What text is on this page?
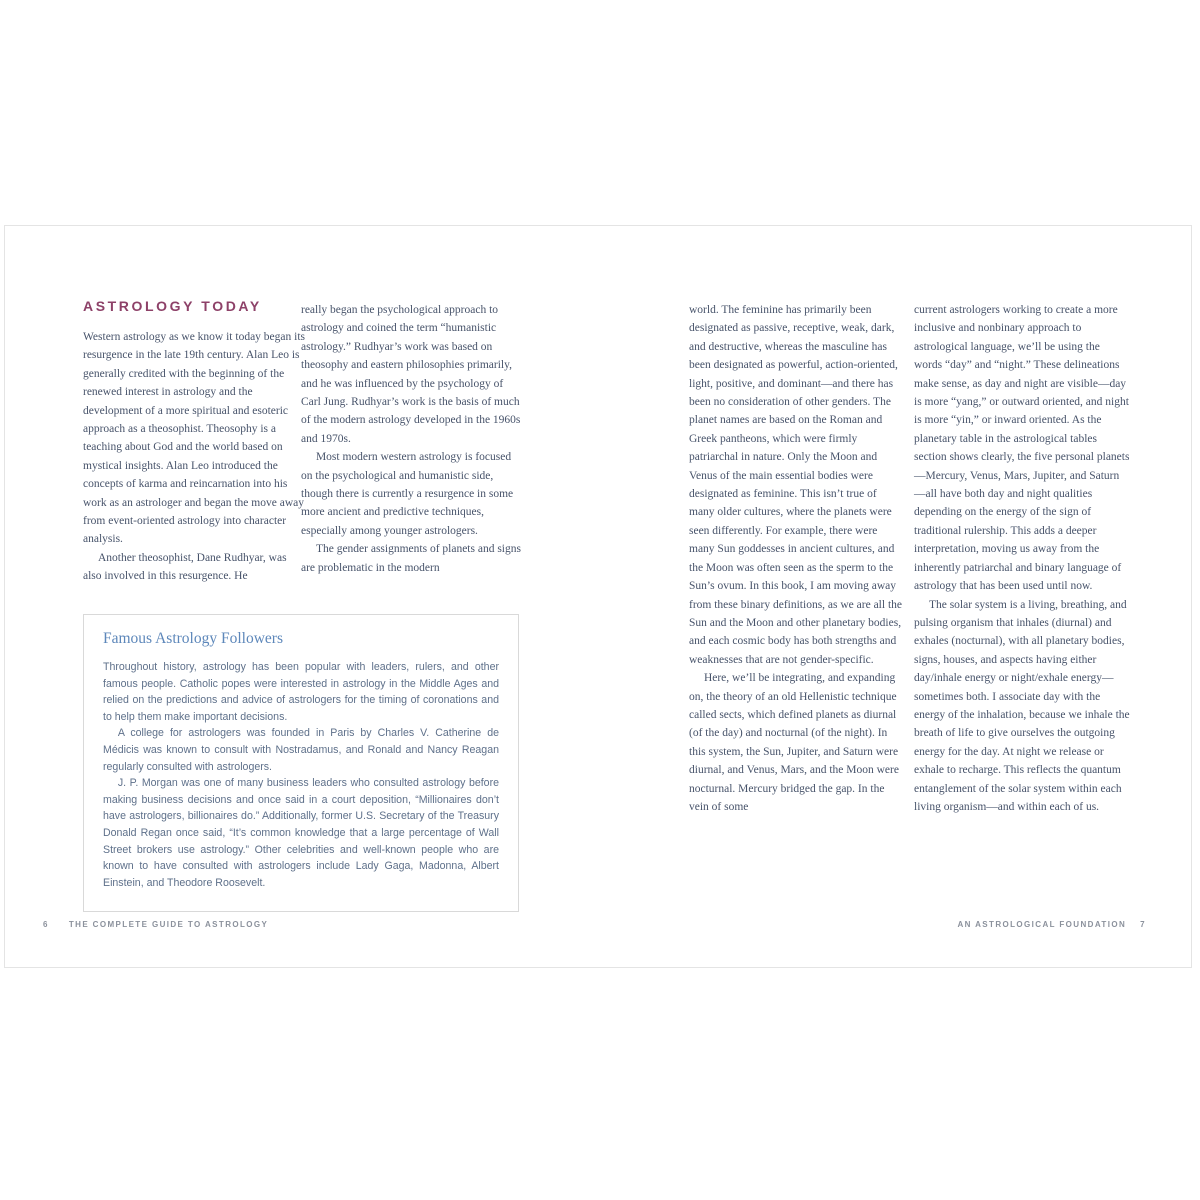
ASTROLOGY TODAY

Western astrology as we know it today began its resurgence in the late 19th century. Alan Leo is generally credited with the beginning of the renewed interest in astrology and the development of a more spiritual and esoteric approach as a theosophist. Theosophy is a teaching about God and the world based on mystical insights. Alan Leo introduced the concepts of karma and reincarnation into his work as an astrologer and began the move away from event-oriented astrology into character analysis.

Another theosophist, Dane Rudhyar, was also involved in this resurgence. He

really began the psychological approach to astrology and coined the term “humanistic astrology.” Rudhyar’s work was based on theosophy and eastern philosophies primarily, and he was influenced by the psychology of Carl Jung. Rudhyar’s work is the basis of much of the modern astrology developed in the 1960s and 1970s.

Most modern western astrology is focused on the psychological and humanistic side, though there is currently a resurgence in some more ancient and predictive techniques, especially among younger astrologers.

The gender assignments of planets and signs are problematic in the modern

Famous Astrology Followers

Throughout history, astrology has been popular with leaders, rulers, and other famous people. Catholic popes were interested in astrology in the Middle Ages and relied on the predictions and advice of astrologers for the timing of coronations and to help them make important decisions.

A college for astrologers was founded in Paris by Charles V. Catherine de Médicis was known to consult with Nostradamus, and Ronald and Nancy Reagan regularly consulted with astrologers.

J. P. Morgan was one of many business leaders who consulted astrology before making business decisions and once said in a court deposition, “Millionaires don’t have astrologers, billionaires do.” Additionally, former U.S. Secretary of the Treasury Donald Regan once said, “It’s common knowledge that a large percentage of Wall Street brokers use astrology.” Other celebrities and well-known people who are known to have consulted with astrologers include Lady Gaga, Madonna, Albert Einstein, and Theodore Roosevelt.

6	THE COMPLETE GUIDE TO ASTROLOGY

world. The feminine has primarily been designated as passive, receptive, weak, dark, and destructive, whereas the masculine has been designated as powerful, action-oriented, light, positive, and dominant—and there has been no consideration of other genders. The planet names are based on the Roman and Greek pantheons, which were firmly patriarchal in nature. Only the Moon and Venus of the main essential bodies were designated as feminine. This isn’t true of many older cultures, where the planets were seen differently. For example, there were many Sun goddesses in ancient cultures, and the Moon was often seen as the sperm to the Sun’s ovum. In this book, I am moving away from these binary definitions, as we are all the Sun and the Moon and other planetary bodies, and each cosmic body has both strengths and weaknesses that are not gender-specific.

Here, we’ll be integrating, and expanding on, the theory of an old Hellenistic technique called sects, which defined planets as diurnal (of the day) and nocturnal (of the night). In this system, the Sun, Jupiter, and Saturn were diurnal, and Venus, Mars, and the Moon were nocturnal. Mercury bridged the gap. In the vein of some

current astrologers working to create a more inclusive and nonbinary approach to astrological language, we’ll be using the words “day” and “night.” These delineations make sense, as day and night are visible—day is more “yang,” or outward oriented, and night is more “yin,” or inward oriented. As the planetary table in the astrological tables section shows clearly, the five personal planets—Mercury, Venus, Mars, Jupiter, and Saturn—all have both day and night qualities depending on the energy of the sign of traditional rulership. This adds a deeper interpretation, moving us away from the inherently patriarchal and binary language of astrology that has been used until now.

The solar system is a living, breathing, and pulsing organism that inhales (diurnal) and exhales (nocturnal), with all planetary bodies, signs, houses, and aspects having either day/inhale energy or night/exhale energy—sometimes both. I associate day with the energy of the inhalation, because we inhale the breath of life to give ourselves the outgoing energy for the day. At night we release or exhale to recharge. This reflects the quantum entanglement of the solar system within each living organism—and within each of us.

AN ASTROLOGICAL FOUNDATION 7
